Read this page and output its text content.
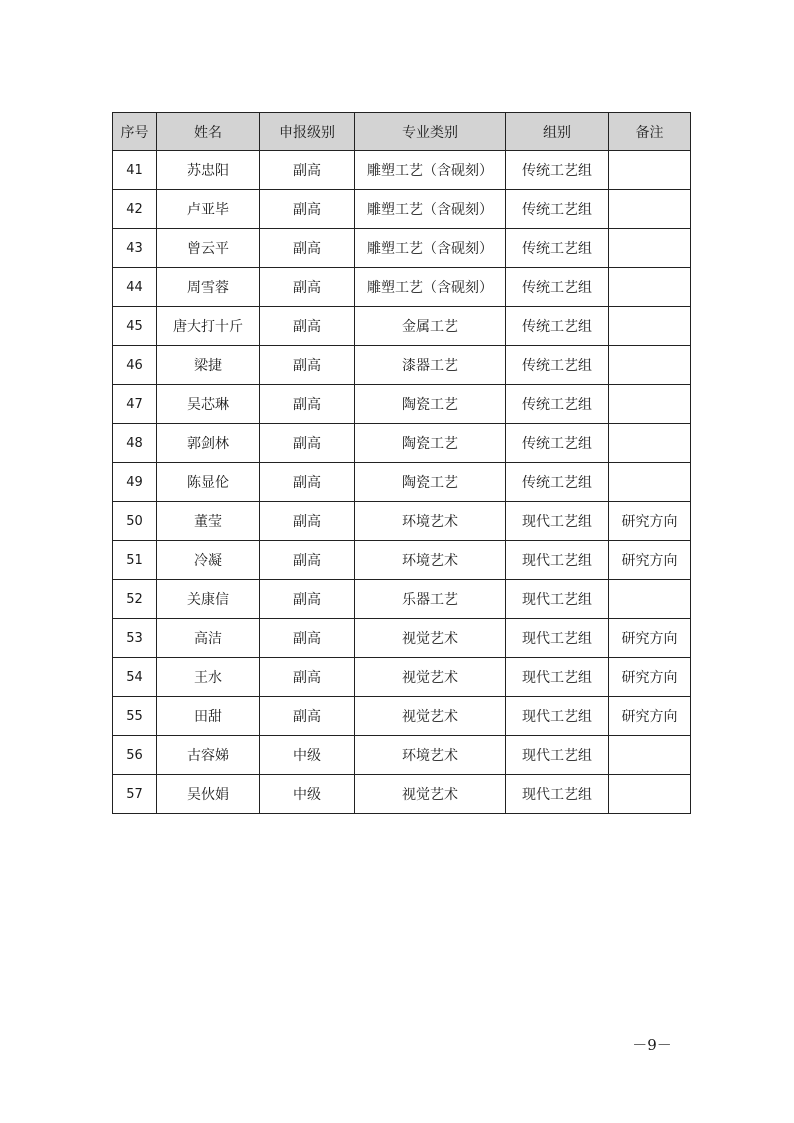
序号	姓名	申报级别	专业类别	组别	备注
41	苏忠阳	副高	雕塑工艺（含砚刻）	传统工艺组	
42	卢亚毕	副高	雕塑工艺（含砚刻）	传统工艺组	
43	曾云平	副高	雕塑工艺（含砚刻）	传统工艺组	
44	周雪蓉	副高	雕塑工艺（含砚刻）	传统工艺组	
45	唐大打十斤	副高	金属工艺	传统工艺组	
46	梁捷	副高	漆器工艺	传统工艺组	
47	吴芯琳	副高	陶瓷工艺	传统工艺组	
48	郭剑林	副高	陶瓷工艺	传统工艺组	
49	陈显伦	副高	陶瓷工艺	传统工艺组	
50	董莹	副高	环境艺术	现代工艺组	研究方向
51	冷凝	副高	环境艺术	现代工艺组	研究方向
52	关康信	副高	乐器工艺	现代工艺组	
53	高洁	副高	视觉艺术	现代工艺组	研究方向
54	王水	副高	视觉艺术	现代工艺组	研究方向
55	田甜	副高	视觉艺术	现代工艺组	研究方向
56	古容娣	中级	环境艺术	现代工艺组	
57	吴伙娟	中级	视觉艺术	现代工艺组	
－9－
